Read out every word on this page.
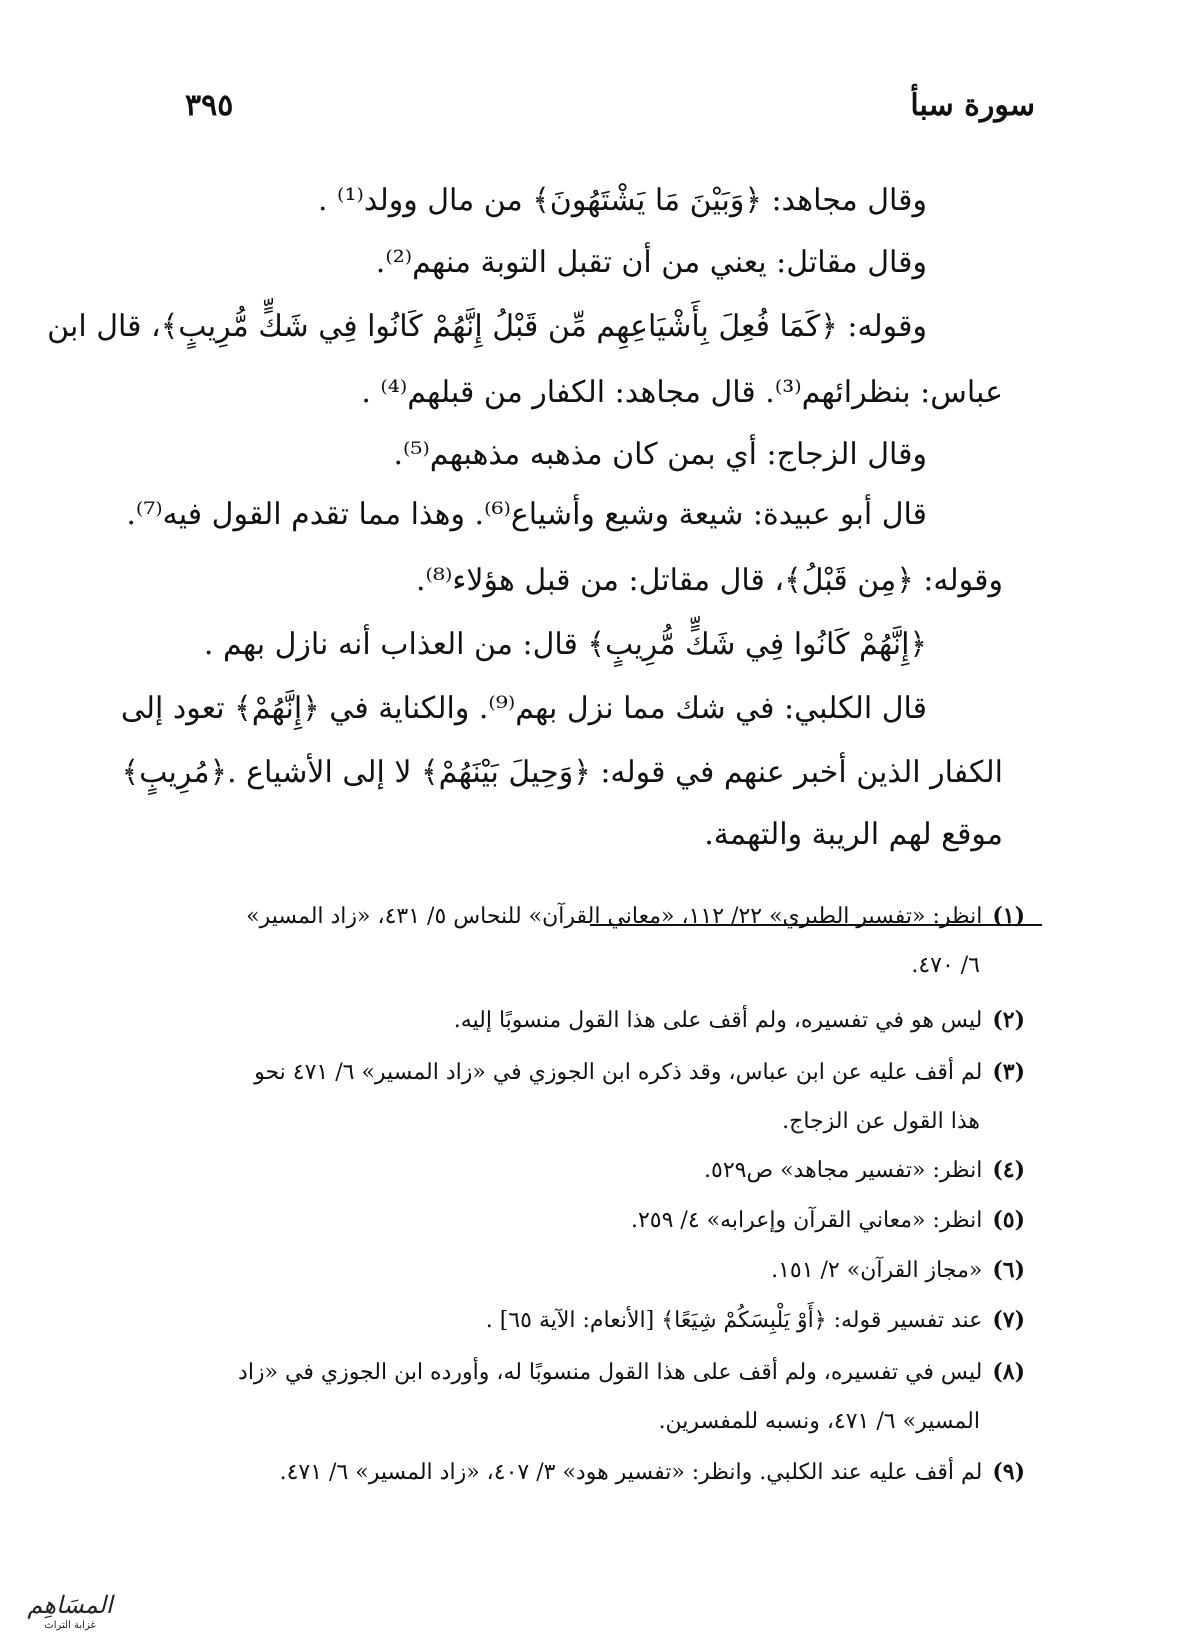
سورة سبأ
٣٩٥
وقال مجاهد: ﴿وَبَيْنَ مَا يَشْتَهُونَ﴾ من مال وولد⁽¹⁾ .
وقال مقاتل: يعني من أن تقبل التوبة منهم⁽²⁾.
وقوله: ﴿كَمَا فُعِلَ بِأَشْيَاعِهِم مِّن قَبْلُ إِنَّهُمْ كَانُوا فِي شَكٍّ مُّرِيبٍ﴾، قال ابن
عباس: بنظرائهم⁽³⁾. قال مجاهد: الكفار من قبلهم⁽⁴⁾ .
وقال الزجاج: أي بمن كان مذهبه مذهبهم⁽⁵⁾.
قال أبو عبيدة: شيعة وشيع وأشياع⁽⁶⁾. وهذا مما تقدم القول فيه⁽⁷⁾.
وقوله: ﴿مِن قَبْلُ﴾، قال مقاتل: من قبل هؤلاء⁽⁸⁾.
﴿إِنَّهُمْ كَانُوا فِي شَكٍّ مُّرِيبٍ﴾ قال: من العذاب أنه نازل بهم .
قال الكلبي: في شك مما نزل بهم⁽⁹⁾. والكناية في ﴿إِنَّهُمْ﴾ تعود إلى
الكفار الذين أخبر عنهم في قوله: ﴿وَحِيلَ بَيْنَهُمْ﴾ لا إلى الأشياع .﴿مُرِيبٍ﴾
موقع لهم الريبة والتهمة.
(١)انظر: «تفسير الطبري» ٢٢/ ١١٢، «معاني القرآن» للنحاس ٥/ ٤٣١، «زاد المسير»
٦/ ٤٧٠.
(٢)ليس هو في تفسيره، ولم أقف على هذا القول منسوبًا إليه.
(٣)لم أقف عليه عن ابن عباس، وقد ذكره ابن الجوزي في «زاد المسير» ٦/ ٤٧١ نحو
هذا القول عن الزجاج.
(٤)انظر: «تفسير مجاهد» ص٥٢٩.
(٥)انظر: «معاني القرآن وإعرابه» ٤/ ٢٥٩.
(٦)«مجاز القرآن» ٢/ ١٥١.
(٧)عند تفسير قوله: ﴿أَوْ يَلْبِسَكُمْ شِيَعًا﴾ [الأنعام: الآية ٦٥] .
(٨)ليس في تفسيره، ولم أقف على هذا القول منسوبًا له، وأورده ابن الجوزي في «زاد
المسير» ٦/ ٤٧١، ونسبه للمفسرين.
(٩)لم أقف عليه عند الكلبي. وانظر: «تفسير هود» ٣/ ٤٠٧، «زاد المسير» ٦/ ٤٧١.
المسَاهِم
غزابة التراث
